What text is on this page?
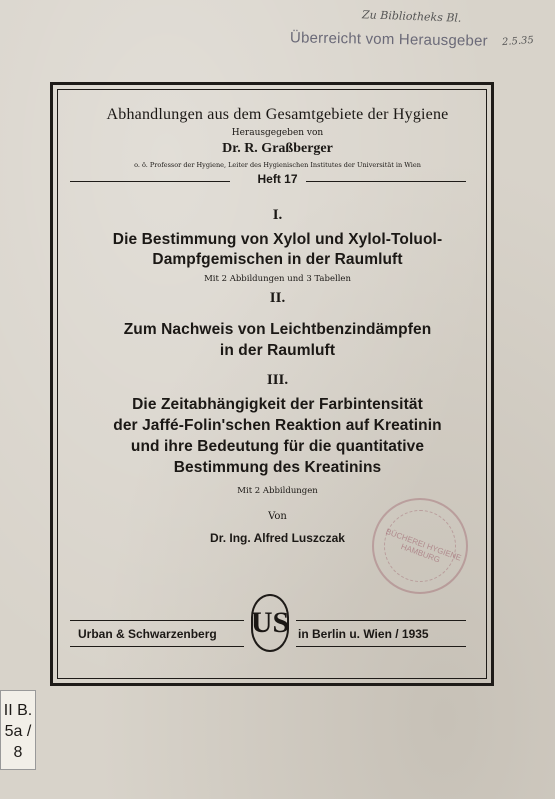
Zu Bibliotheks Bl.
2.5.35
Überreicht vom Herausgeber
Abhandlungen aus dem Gesamtgebiete der Hygiene
Herausgegeben von
Dr. R. Graßberger
o. ö. Professor der Hygiene, Leiter des Hygienischen Institutes der Universität in Wien
Heft 17
I.
Die Bestimmung von Xylol und Xylol-Toluol-
Dampfgemischen in der Raumluft
Mit 2 Abbildungen und 3 Tabellen
II.
Zum Nachweis von Leichtbenzindämpfen
in der Raumluft
III.
Die Zeitabhängigkeit der Farbintensität
der Jaffé-Folin'schen Reaktion auf Kreatinin
und ihre Bedeutung für die quantitative
Bestimmung des Kreatinins
Mit 2 Abbildungen
Von
Dr. Ing. Alfred Luszczak	BÜCHEREI HYGIENE HAMBURG
US
Urban & Schwarzenberg	in Berlin u. Wien / 1935
II B. 5a / 8
